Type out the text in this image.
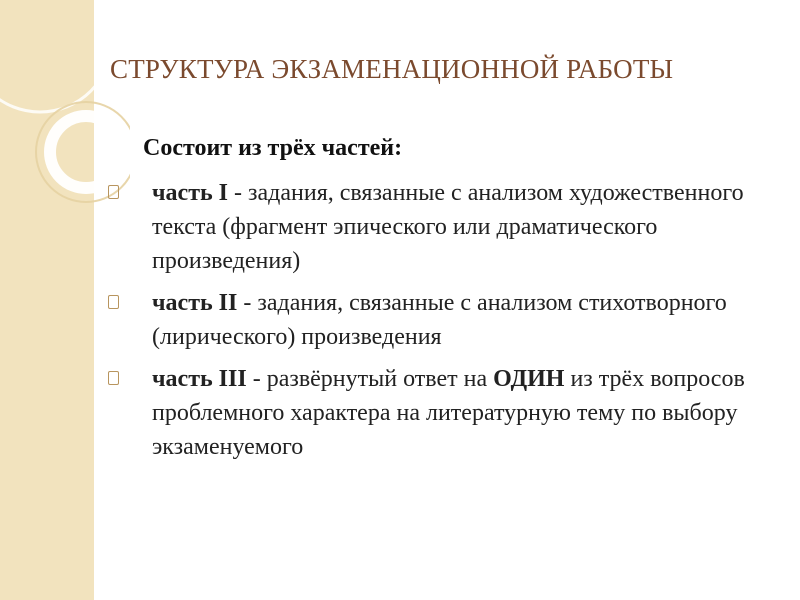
СТРУКТУРА ЭКЗАМЕНАЦИОННОЙ РАБОТЫ
Состоит из трёх частей:
часть I - задания, связанные с анализом художественного текста (фрагмент эпического или драматического произведения)
часть II - задания, связанные с анализом стихотворного (лирического) произведения
часть III - развёрнутый ответ на ОДИН из трёх вопросов проблемного характера на литературную тему по выбору экзаменуемого
